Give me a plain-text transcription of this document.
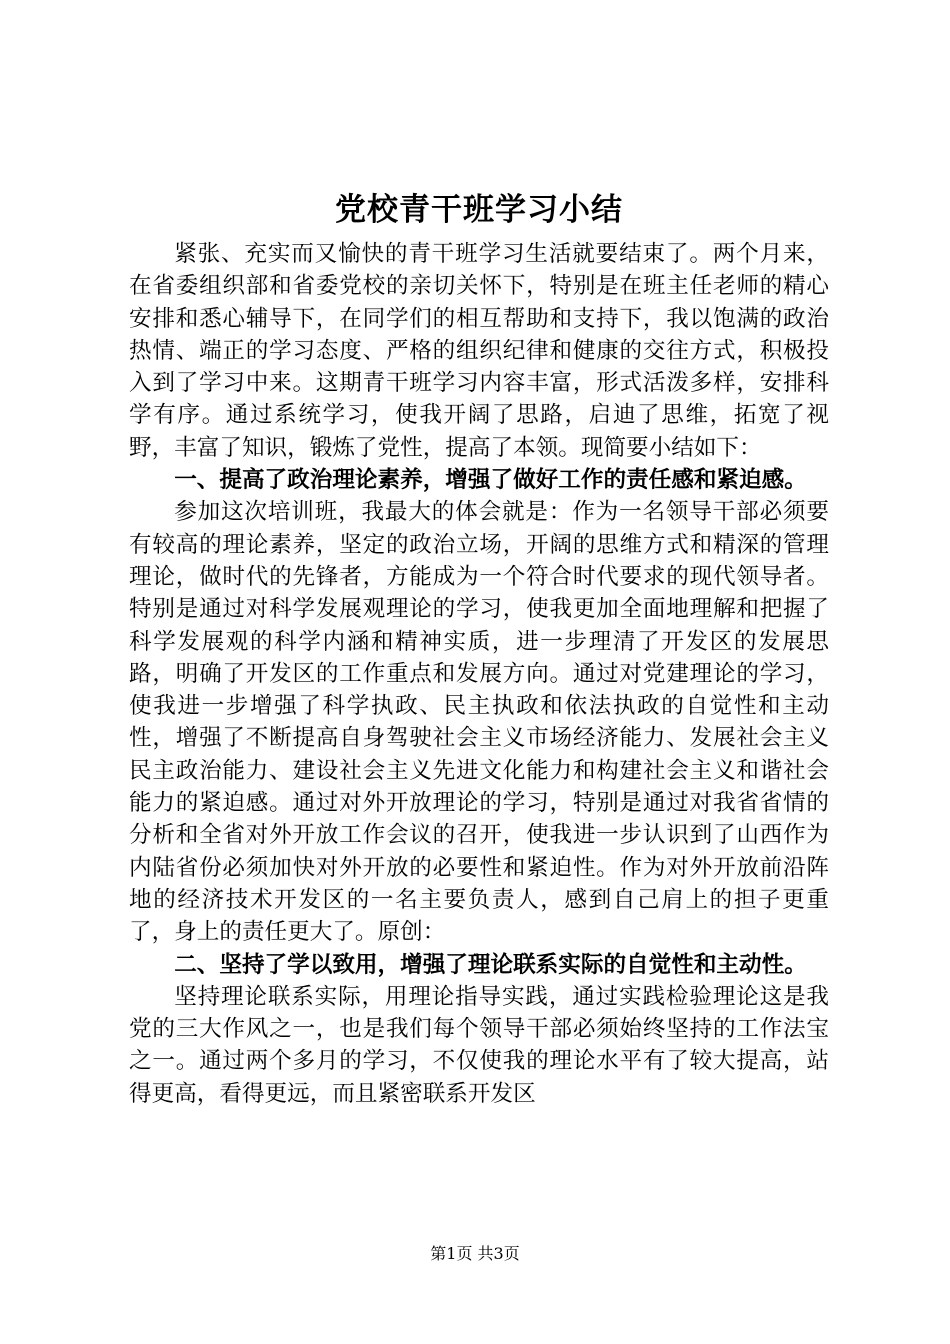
党校青干班学习小结

紧张、充实而又愉快的青干班学习生活就要结束了。两个月来，在省委组织部和省委党校的亲切关怀下，特别是在班主任老师的精心安排和悉心辅导下，在同学们的相互帮助和支持下，我以饱满的政治热情、端正的学习态度、严格的组织纪律和健康的交往方式，积极投入到了学习中来。这期青干班学习内容丰富，形式活泼多样，安排科学有序。通过系统学习，使我开阔了思路，启迪了思维，拓宽了视野，丰富了知识，锻炼了党性，提高了本领。现简要小结如下：

一、提高了政治理论素养，增强了做好工作的责任感和紧迫感。

参加这次培训班，我最大的体会就是：作为一名领导干部必须要有较高的理论素养，坚定的政治立场，开阔的思维方式和精深的管理理论，做时代的先锋者，方能成为一个符合时代要求的现代领导者。特别是通过对科学发展观理论的学习，使我更加全面地理解和把握了科学发展观的科学内涵和精神实质，进一步理清了开发区的发展思路，明确了开发区的工作重点和发展方向。通过对党建理论的学习，使我进一步增强了科学执政、民主执政和依法执政的自觉性和主动性，增强了不断提高自身驾驶社会主义市场经济能力、发展社会主义民主政治能力、建设社会主义先进文化能力和构建社会主义和谐社会能力的紧迫感。通过对外开放理论的学习，特别是通过对我省省情的分析和全省对外开放工作会议的召开，使我进一步认识到了山西作为内陆省份必须加快对外开放的必要性和紧迫性。作为对外开放前沿阵地的经济技术开发区的一名主要负责人，感到自己肩上的担子更重了，身上的责任更大了。原创：

二、坚持了学以致用，增强了理论联系实际的自觉性和主动性。

坚持理论联系实际，用理论指导实践，通过实践检验理论这是我党的三大作风之一，也是我们每个领导干部必须始终坚持的工作法宝之一。通过两个多月的学习，不仅使我的理论水平有了较大提高，站得更高，看得更远，而且紧密联系开发区

第1页 共3页
